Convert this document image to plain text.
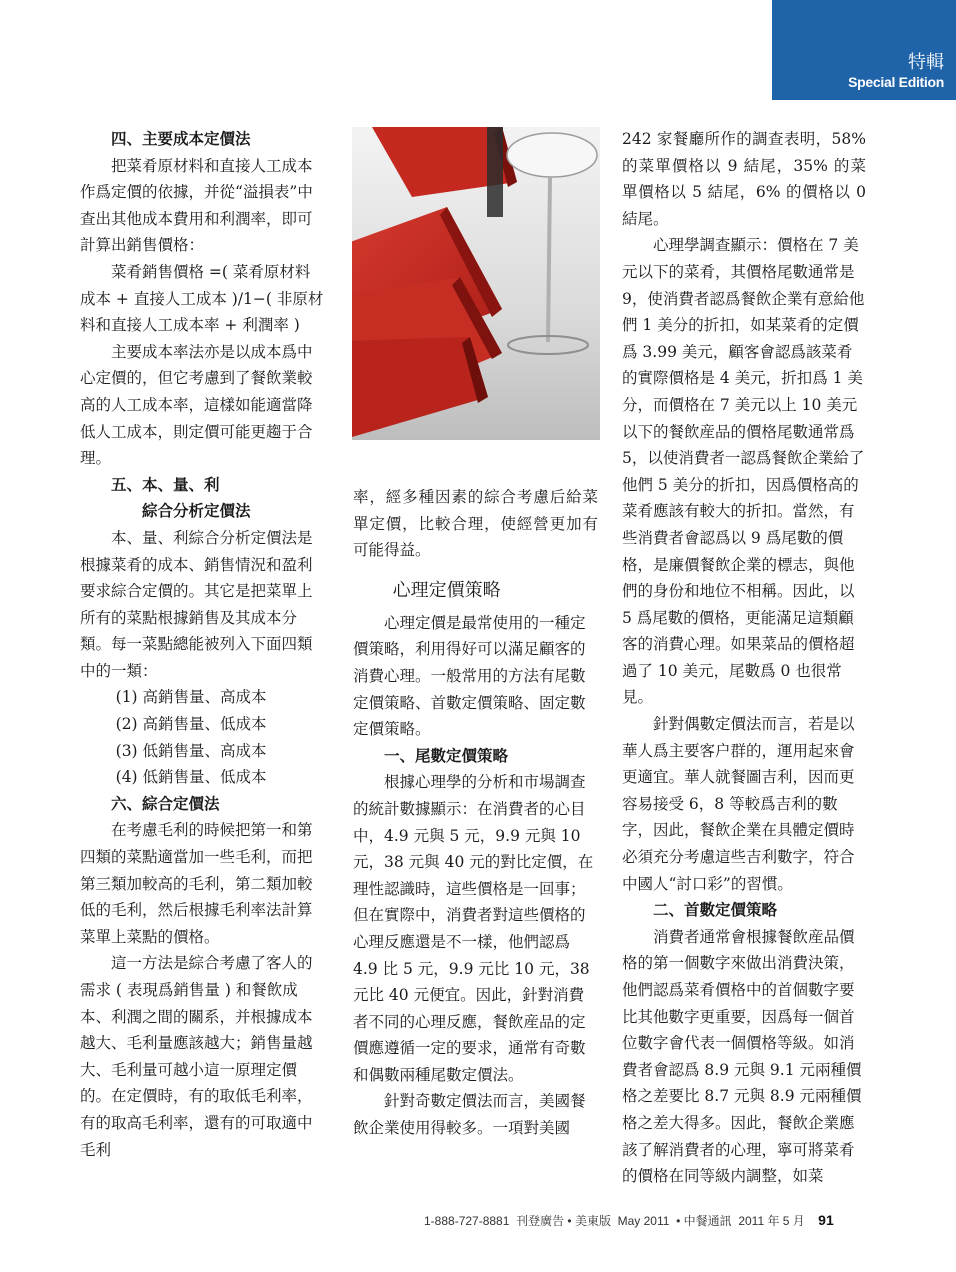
特輯
Special Edition

四、主要成本定價法

把菜肴原材料和直接人工成本作爲定價的依據，并從“溢損表”中查出其他成本費用和利潤率，即可計算出銷售價格：

菜肴銷售價格 =( 菜肴原材料成本 + 直接人工成本 )/1−( 非原材料和直接人工成本率 + 利潤率 )

主要成本率法亦是以成本爲中心定價的，但它考慮到了餐飲業較高的人工成本率，這樣如能適當降低人工成本，則定價可能更趨于合理。

五、本、量、利

綜合分析定價法

本、量、利綜合分析定價法是根據菜肴的成本、銷售情況和盈利要求綜合定價的。其它是把菜單上所有的菜點根據銷售及其成本分類。每一菜點總能被列入下面四類中的一類：

(1) 高銷售量、高成本

(2) 高銷售量、低成本

(3) 低銷售量、高成本

(4) 低銷售量、低成本

六、綜合定價法

在考慮毛利的時候把第一和第四類的菜點適當加一些毛利，而把第三類加較高的毛利，第二類加較低的毛利，然后根據毛利率法計算菜單上菜點的價格。

這一方法是綜合考慮了客人的需求 ( 表現爲銷售量 ) 和餐飲成本、利潤之間的關系，并根據成本越大、毛利量應該越大；銷售量越大、毛利量可越小這一原理定價的。在定價時，有的取低毛利率，有的取高毛利率，還有的可取適中毛利

率，經多種因素的綜合考慮后給菜單定價，比較合理，使經營更加有可能得益。

心理定價策略

心理定價是最常使用的一種定價策略，利用得好可以滿足顧客的消費心理。一般常用的方法有尾數定價策略、首數定價策略、固定數定價策略。

一、尾數定價策略

根據心理學的分析和市場調查的統計數據顯示：在消費者的心目中，4.9 元與 5 元，9.9 元與 10 元，38 元與 40 元的對比定價，在理性認識時，這些價格是一回事；但在實際中，消費者對這些價格的心理反應還是不一樣，他們認爲 4.9 比 5 元，9.9 元比 10 元，38 元比 40 元便宜。因此，針對消費者不同的心理反應，餐飲産品的定價應遵循一定的要求，通常有奇數和偶數兩種尾數定價法。

針對奇數定價法而言，美國餐飲企業使用得較多。一項對美國

242 家餐廳所作的調查表明，58% 的菜單價格以 9 結尾，35% 的菜單價格以 5 結尾，6% 的價格以 0 結尾。

心理學調查顯示：價格在 7 美元以下的菜肴，其價格尾數通常是 9，使消費者認爲餐飲企業有意給他們 1 美分的折扣，如某菜肴的定價爲 3.99 美元，顧客會認爲該菜肴的實際價格是 4 美元，折扣爲 1 美分，而價格在 7 美元以上 10 美元以下的餐飲産品的價格尾數通常爲 5，以使消費者一認爲餐飲企業給了他們 5 美分的折扣，因爲價格高的菜肴應該有較大的折扣。當然，有些消費者會認爲以 9 爲尾數的價格，是廉價餐飲企業的標志，與他們的身份和地位不相稱。因此，以 5 爲尾數的價格，更能滿足這類顧客的消費心理。如果菜品的價格超過了 10 美元，尾數爲 0 也很常見。

針對偶數定價法而言，若是以華人爲主要客户群的，運用起來會更適宜。華人就餐圖吉利，因而更容易接受 6，8 等較爲吉利的數字，因此，餐飲企業在具體定價時必須充分考慮這些吉利數字，符合中國人“討口彩”的習慣。

二、首數定價策略

消費者通常會根據餐飲産品價格的第一個數字來做出消費決策，他們認爲菜肴價格中的首個數字要比其他數字更重要，因爲每一個首位數字會代表一個價格等級。如消費者會認爲 8.9 元與 9.1 元兩種價格之差要比 8.7 元與 8.9 元兩種價格之差大得多。因此，餐飲企業應該了解消費者的心理，寧可將菜肴的價格在同等級内調整，如菜

1-888-727-8881 刊登廣告 • 美東版 May 2011 • 中餐通訊 2011 年 5 月 91
